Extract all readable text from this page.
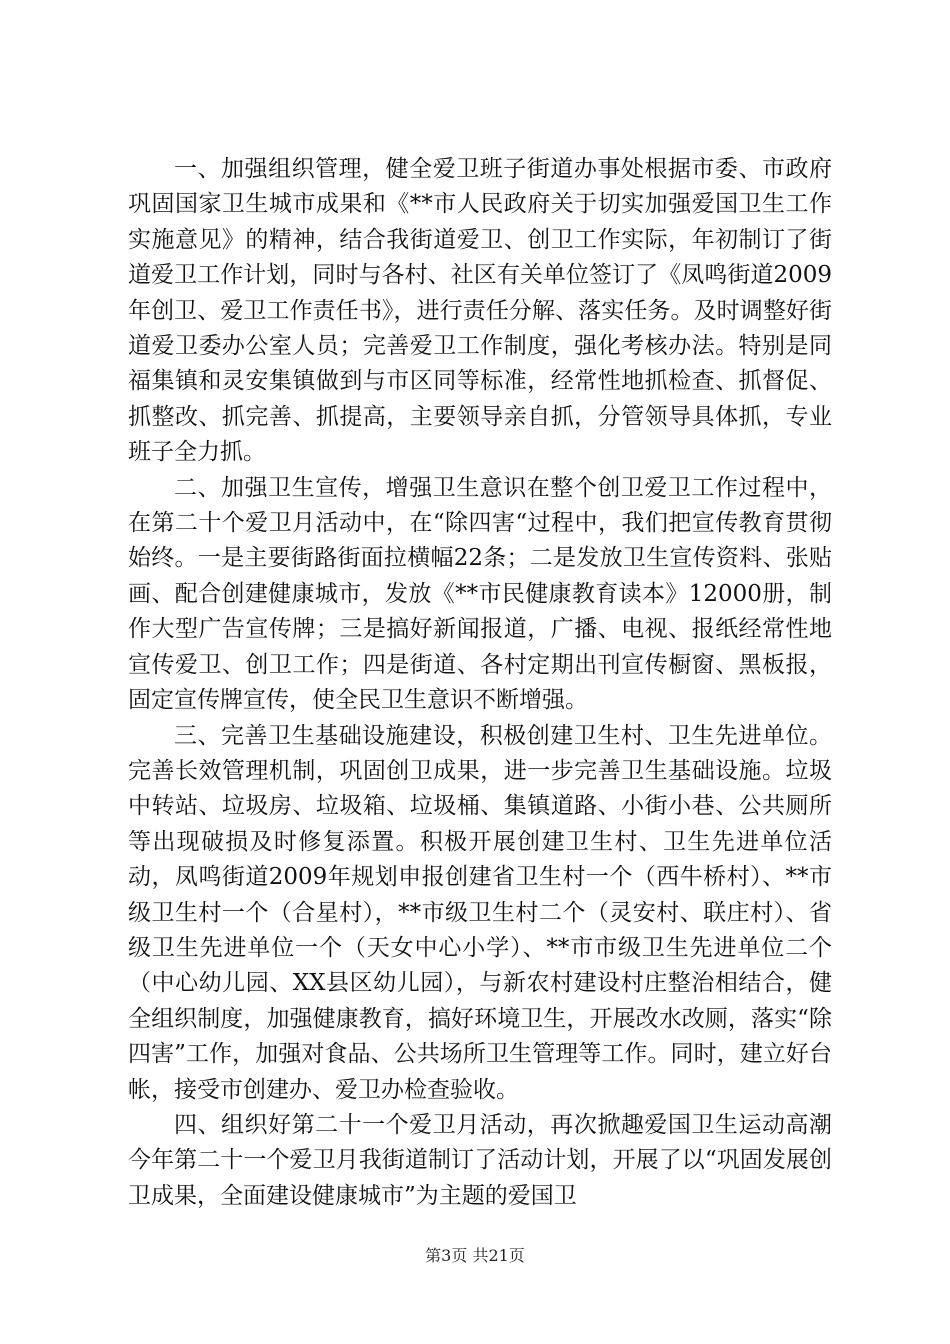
一、加强组织管理，健全爱卫班子街道办事处根据市委、市政府巩固国家卫生城市成果和《**市人民政府关于切实加强爱国卫生工作实施意见》的精神，结合我街道爱卫、创卫工作实际，年初制订了街道爱卫工作计划，同时与各村、社区有关单位签订了《凤鸣街道2009年创卫、爱卫工作责任书》，进行责任分解、落实任务。及时调整好街道爱卫委办公室人员；完善爱卫工作制度，强化考核办法。特别是同福集镇和灵安集镇做到与市区同等标准，经常性地抓检查、抓督促、抓整改、抓完善、抓提高，主要领导亲自抓，分管领导具体抓，专业班子全力抓。

二、加强卫生宣传，增强卫生意识在整个创卫爱卫工作过程中，在第二十个爱卫月活动中，在“除四害“过程中，我们把宣传教育贯彻始终。一是主要街路街面拉横幅22条；二是发放卫生宣传资料、张贴画、配合创建健康城市，发放《**市民健康教育读本》12000册，制作大型广告宣传牌；三是搞好新闻报道，广播、电视、报纸经常性地宣传爱卫、创卫工作；四是街道、各村定期出刊宣传橱窗、黑板报，固定宣传牌宣传，使全民卫生意识不断增强。

三、完善卫生基础设施建设，积极创建卫生村、卫生先进单位。完善长效管理机制，巩固创卫成果，进一步完善卫生基础设施。垃圾中转站、垃圾房、垃圾箱、垃圾桶、集镇道路、小街小巷、公共厕所等出现破损及时修复添置。积极开展创建卫生村、卫生先进单位活动，凤鸣街道2009年规划申报创建省卫生村一个（西牛桥村）、**市级卫生村一个（合星村），**市级卫生村二个（灵安村、联庄村）、省级卫生先进单位一个（天女中心小学）、**市市级卫生先进单位二个（中心幼儿园、XX县区幼儿园），与新农村建设村庄整治相结合，健全组织制度，加强健康教育，搞好环境卫生，开展改水改厕，落实“除四害”工作，加强对食品、公共场所卫生管理等工作。同时，建立好台帐，接受市创建办、爱卫办检查验收。

四、组织好第二十一个爱卫月活动，再次掀趣爱国卫生运动高潮今年第二十一个爱卫月我街道制订了活动计划，开展了以“巩固发展创卫成果，全面建设健康城市”为主题的爱国卫

第3页 共21页
